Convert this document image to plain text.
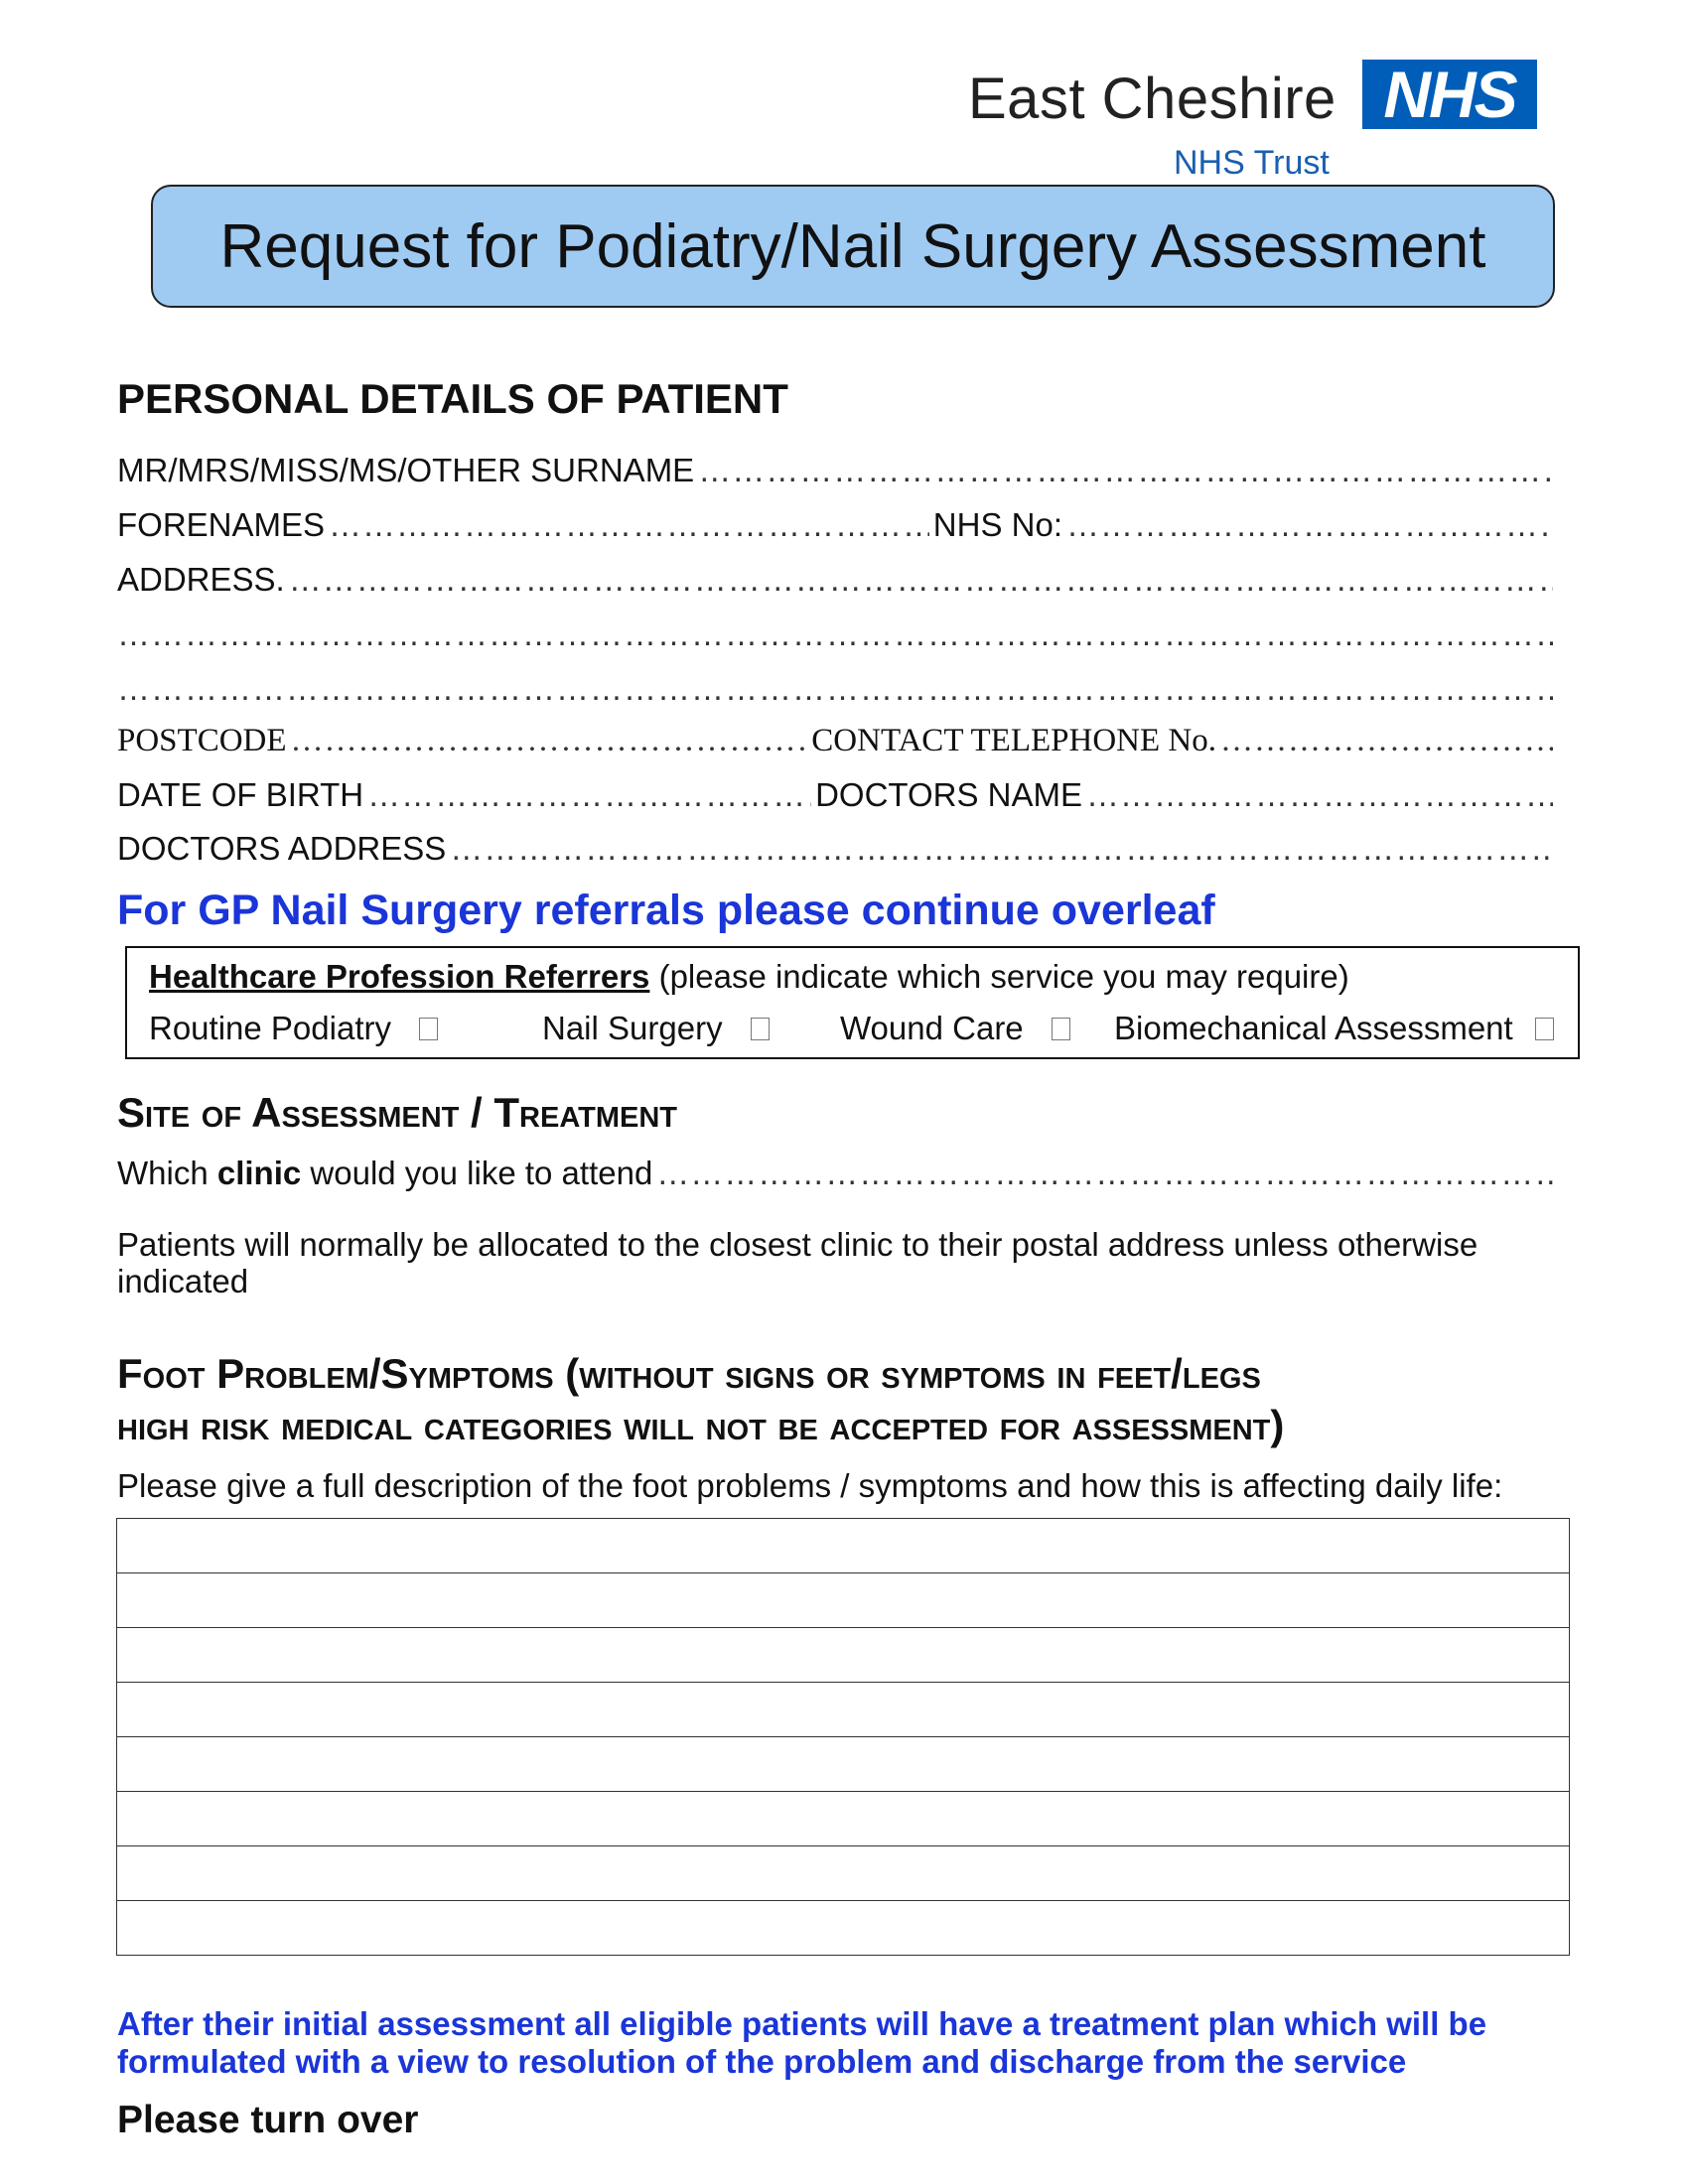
East Cheshire NHS
NHS Trust
Request for Podiatry/Nail Surgery Assessment
PERSONAL DETAILS OF PATIENT
MR/MRS/MISS/MS/OTHER SURNAME
…………………………………………………………………………………………………………………………………………………………………………………………………………………………
FORENAMES …………………………………………………………………………………………………………………………………………………………………………………………………………………………	NHS No:
…………………………………………………………………………………………………………………………………………………………………………………………………………………………
ADDRESS.
…………………………………………………………………………………………………………………………………………………………………………………………………………………………
…………………………………………………………………………………………………………………………………………………………………………………………………………………………
…………………………………………………………………………………………………………………………………………………………………………………………………………………………
POSTCODE …………………………………………………………………………………………………………………………………………………………………………………………………………………………	CONTACT TELEPHONE No.
…………………………………………………………………………………………………………………………………………………………………………………………………………………………
DATE OF BIRTH …………………………………………………………………………………………………………………………………………………………………………………………………………………………	DOCTORS NAME
…………………………………………………………………………………………………………………………………………………………………………………………………………………………
DOCTORS ADDRESS
…………………………………………………………………………………………………………………………………………………………………………………………………………………………
For GP Nail Surgery referrals please continue overleaf
Healthcare Profession Referrers (please indicate which service you may require)
Routine Podiatry	Nail Surgery	Wound Care	Biomechanical Assessment
Site of Assessment / Treatment
Which clinic would you like to attend
…………………………………………………………………………………………………………………………………………………………………………………………………………………………
Patients will normally be allocated to the closest clinic to their postal address unless otherwise
indicated
Foot Problem/Symptoms (without signs or symptoms in feet/legs
high risk medical categories will not be accepted for assessment)
Please give a full description of the foot problems / symptoms and how this is affecting daily life:

After their initial assessment all eligible patients will have a treatment plan which will be formulated with a view to resolution of the problem and discharge from the service
Please turn over
